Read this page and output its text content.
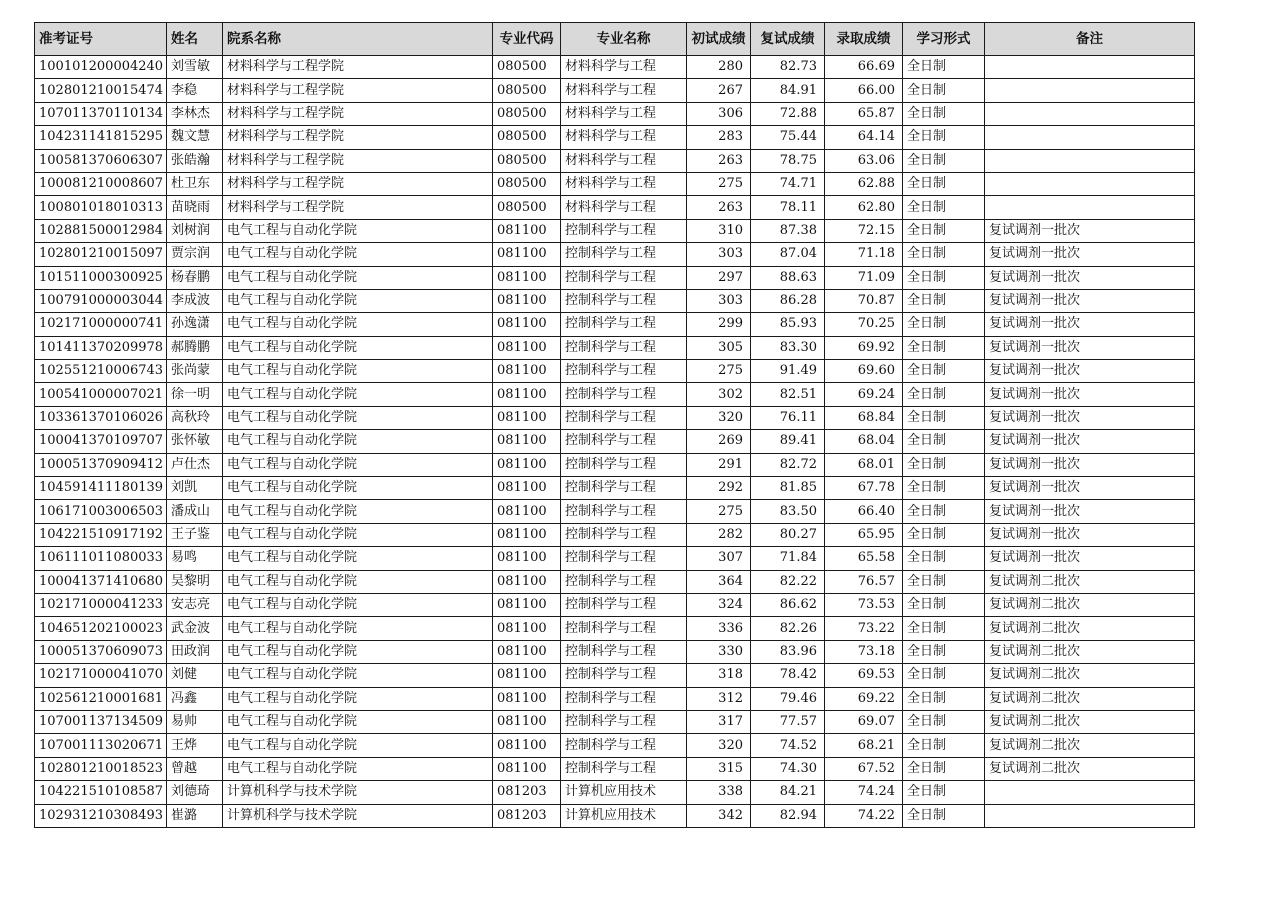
准考证号	姓名	院系名称	专业代码	专业名称	初试成绩	复试成绩	录取成绩	学习形式	备注
100101200004240	刘雪敏	材料科学与工程学院	080500	材料科学与工程	280	82.73	66.69	全日制	
102801210015474	李稳	材料科学与工程学院	080500	材料科学与工程	267	84.91	66.00	全日制	
107011370110134	李林杰	材料科学与工程学院	080500	材料科学与工程	306	72.88	65.87	全日制	
104231141815295	魏文慧	材料科学与工程学院	080500	材料科学与工程	283	75.44	64.14	全日制	
100581370606307	张皓瀚	材料科学与工程学院	080500	材料科学与工程	263	78.75	63.06	全日制	
100081210008607	杜卫东	材料科学与工程学院	080500	材料科学与工程	275	74.71	62.88	全日制	
100801018010313	苗晓雨	材料科学与工程学院	080500	材料科学与工程	263	78.11	62.80	全日制	
102881500012984	刘树润	电气工程与自动化学院	081100	控制科学与工程	310	87.38	72.15	全日制	复试调剂一批次
102801210015097	贾宗润	电气工程与自动化学院	081100	控制科学与工程	303	87.04	71.18	全日制	复试调剂一批次
101511000300925	杨春鹏	电气工程与自动化学院	081100	控制科学与工程	297	88.63	71.09	全日制	复试调剂一批次
100791000003044	李成波	电气工程与自动化学院	081100	控制科学与工程	303	86.28	70.87	全日制	复试调剂一批次
102171000000741	孙逸潇	电气工程与自动化学院	081100	控制科学与工程	299	85.93	70.25	全日制	复试调剂一批次
101411370209978	郝腾鹏	电气工程与自动化学院	081100	控制科学与工程	305	83.30	69.92	全日制	复试调剂一批次
102551210006743	张尚蒙	电气工程与自动化学院	081100	控制科学与工程	275	91.49	69.60	全日制	复试调剂一批次
100541000007021	徐一明	电气工程与自动化学院	081100	控制科学与工程	302	82.51	69.24	全日制	复试调剂一批次
103361370106026	高秋玲	电气工程与自动化学院	081100	控制科学与工程	320	76.11	68.84	全日制	复试调剂一批次
100041370109707	张怀敏	电气工程与自动化学院	081100	控制科学与工程	269	89.41	68.04	全日制	复试调剂一批次
100051370909412	卢仕杰	电气工程与自动化学院	081100	控制科学与工程	291	82.72	68.01	全日制	复试调剂一批次
104591411180139	刘凯	电气工程与自动化学院	081100	控制科学与工程	292	81.85	67.78	全日制	复试调剂一批次
106171003006503	潘成山	电气工程与自动化学院	081100	控制科学与工程	275	83.50	66.40	全日制	复试调剂一批次
104221510917192	王子鉴	电气工程与自动化学院	081100	控制科学与工程	282	80.27	65.95	全日制	复试调剂一批次
106111011080033	易鸣	电气工程与自动化学院	081100	控制科学与工程	307	71.84	65.58	全日制	复试调剂一批次
100041371410680	吴黎明	电气工程与自动化学院	081100	控制科学与工程	364	82.22	76.57	全日制	复试调剂二批次
102171000041233	安志亮	电气工程与自动化学院	081100	控制科学与工程	324	86.62	73.53	全日制	复试调剂二批次
104651202100023	武金波	电气工程与自动化学院	081100	控制科学与工程	336	82.26	73.22	全日制	复试调剂二批次
100051370609073	田政润	电气工程与自动化学院	081100	控制科学与工程	330	83.96	73.18	全日制	复试调剂二批次
102171000041070	刘健	电气工程与自动化学院	081100	控制科学与工程	318	78.42	69.53	全日制	复试调剂二批次
102561210001681	冯鑫	电气工程与自动化学院	081100	控制科学与工程	312	79.46	69.22	全日制	复试调剂二批次
107001137134509	易帅	电气工程与自动化学院	081100	控制科学与工程	317	77.57	69.07	全日制	复试调剂二批次
107001113020671	王烨	电气工程与自动化学院	081100	控制科学与工程	320	74.52	68.21	全日制	复试调剂二批次
102801210018523	曾越	电气工程与自动化学院	081100	控制科学与工程	315	74.30	67.52	全日制	复试调剂二批次
104221510108587	刘德琦	计算机科学与技术学院	081203	计算机应用技术	338	84.21	74.24	全日制	
102931210308493	崔潞	计算机科学与技术学院	081203	计算机应用技术	342	82.94	74.22	全日制	
